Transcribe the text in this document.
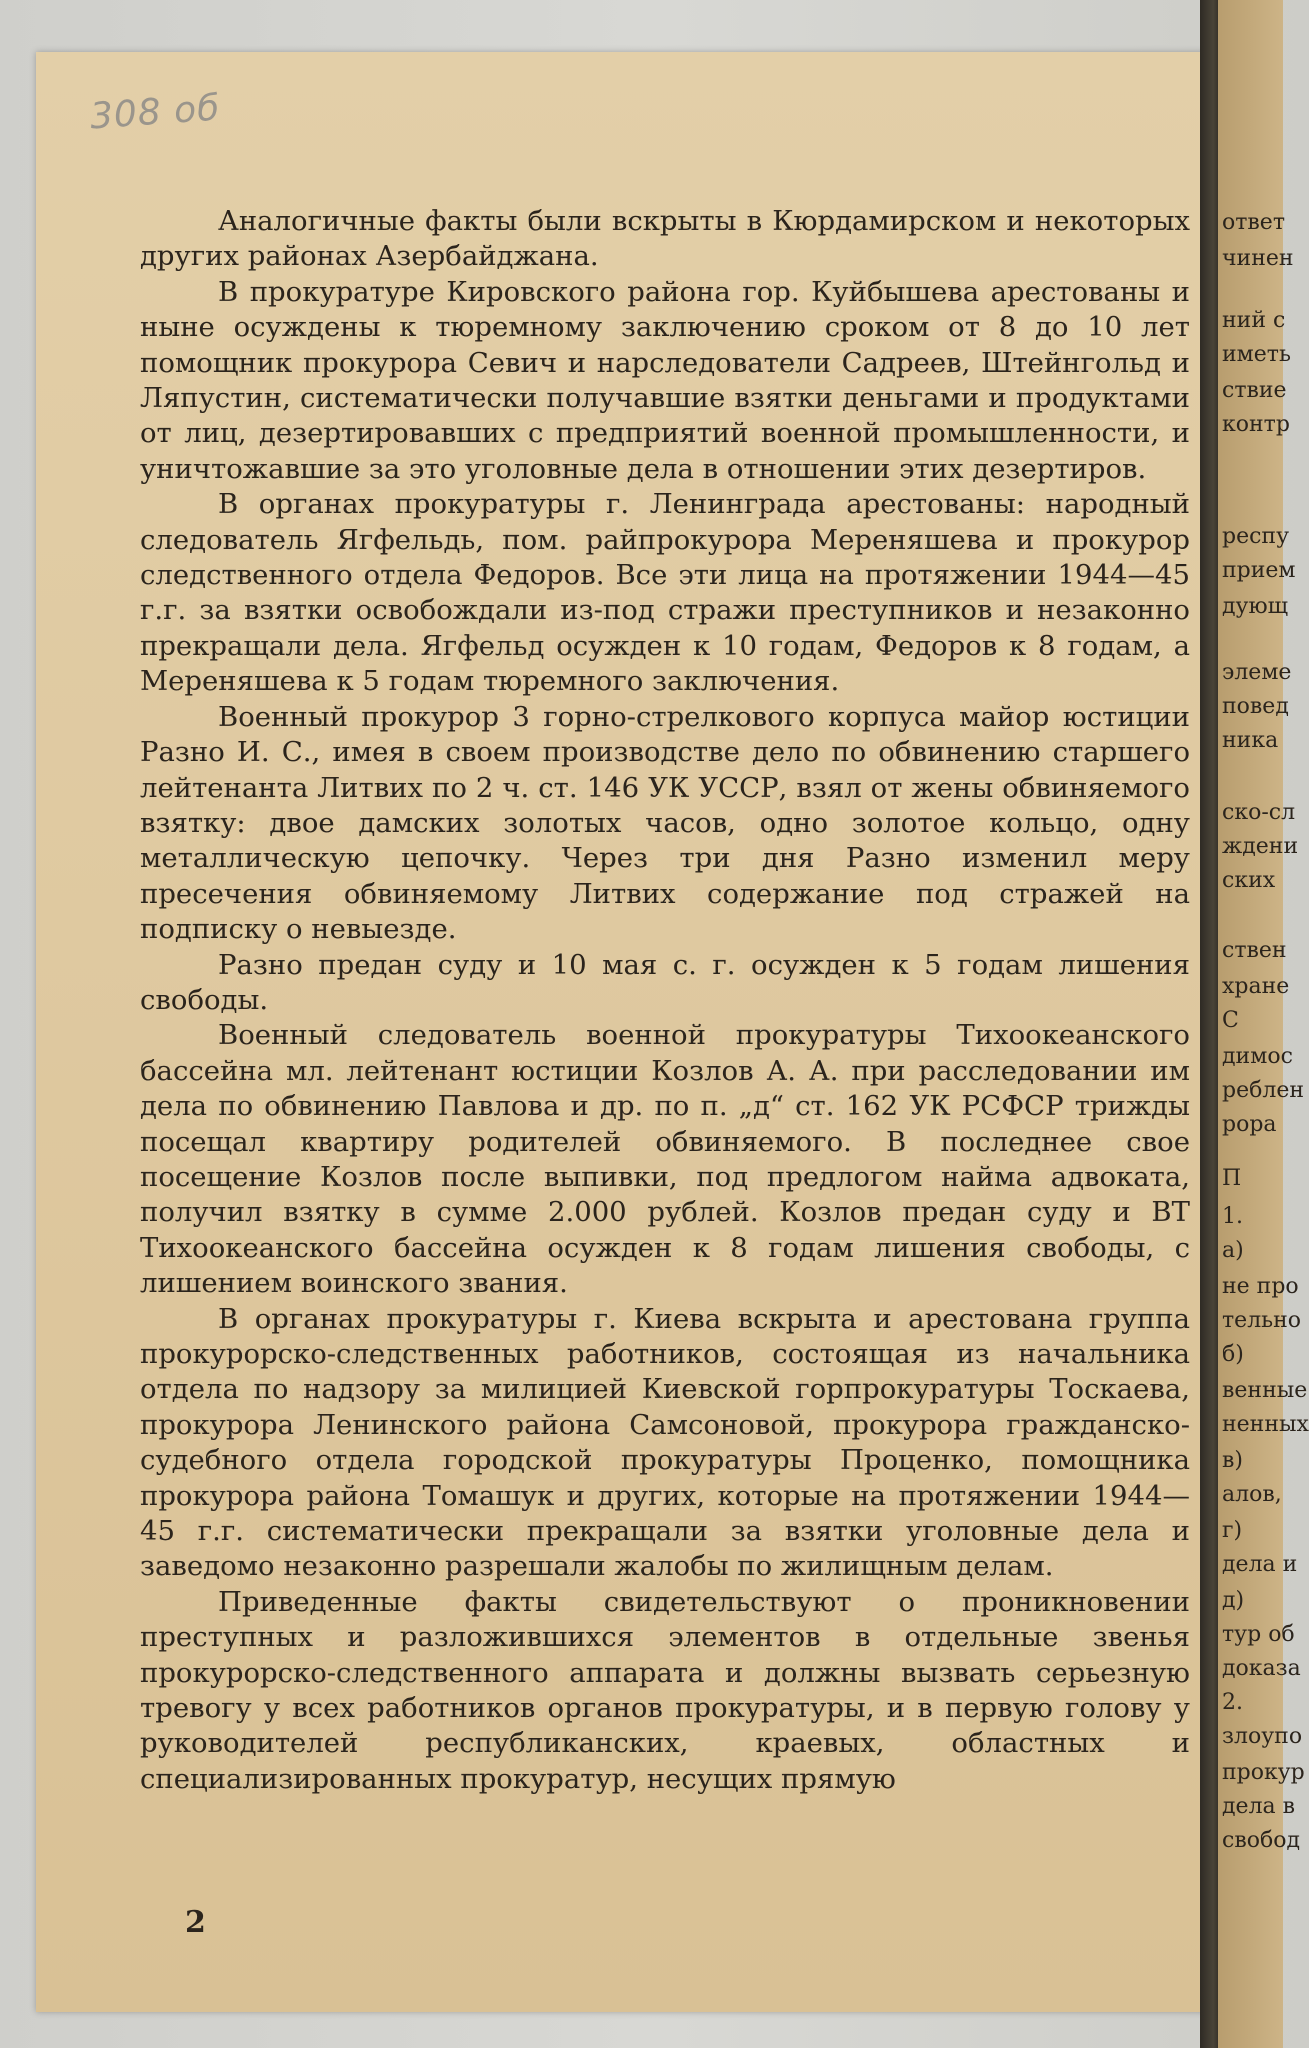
308 об

Аналогичные факты были вскрыты в Кюрдамирском и некоторых других районах Азербайджана.

В прокуратуре Кировского района гор. Куйбышева арестованы и ныне осуждены к тюремному заключению сроком от 8 до 10 лет помощник прокурора Севич и нарследователи Садреев, Штейнгольд и Ляпустин, систематически получавшие взятки деньгами и продуктами от лиц, дезертировавших с предприятий военной промышленности, и уничтожавшие за это уголовные дела в отношении этих дезертиров.

В органах прокуратуры г. Ленинграда арестованы: народный следователь Ягфельдь, пом. райпрокурора Мереняшева и прокурор следственного отдела Федоров. Все эти лица на протяжении 1944—45 г.г. за взятки освобождали из-под стражи преступников и незаконно прекращали дела. Ягфельд осужден к 10 годам, Федоров к 8 годам, а Мереняшева к 5 годам тюремного заключения.

Военный прокурор 3 горно-стрелкового корпуса майор юстиции Разно И. С., имея в своем производстве дело по обвинению старшего лейтенанта Литвих по 2 ч. ст. 146 УК УССР, взял от жены обвиняемого взятку: двое дамских золотых часов, одно золотое кольцо, одну металлическую цепочку. Через три дня Разно изменил меру пресечения обвиняемому Литвих содержание под стражей на подписку о невыезде.

Разно предан суду и 10 мая с. г. осужден к 5 годам лишения свободы.

Военный следователь военной прокуратуры Тихоокеанского бассейна мл. лейтенант юстиции Козлов А. А. при расследовании им дела по обвинению Павлова и др. по п. „д“ ст. 162 УК РСФСР трижды посещал квартиру родителей обвиняемого. В последнее свое посещение Козлов после выпивки, под предлогом найма адвоката, получил взятку в сумме 2.000 рублей. Козлов предан суду и ВТ Тихоокеанского бассейна осужден к 8 годам лишения свободы, с лишением воинского звания.

В органах прокуратуры г. Киева вскрыта и арестована группа прокурорско-следственных работников, состоящая из начальника отдела по надзору за милицией Киевской горпрокуратуры Тоскаева, прокурора Ленинского района Самсоновой, прокурора гражданско-судебного отдела городской прокуратуры Проценко, помощника прокурора района Томашук и других, которые на протяжении 1944—45 г.г. систематически прекращали за взятки уголовные дела и заведомо незаконно разрешали жалобы по жилищным делам.

Приведенные факты свидетельствуют о проникновении преступных и разложившихся элементов в отдельные звенья прокурорско-следственного аппарата и должны вызвать серьезную тревогу у всех работников органов прокуратуры, и в первую голову у руководителей республиканских, краевых, областных и специализированных прокуратур, несущих прямую

2

ответ
чинен
ний с
иметь
ствие
контр
респу
прием
дующ
элеме
повед
ника
ско-сл
ждени
ских
ствен
хране
С
димос
реблен
рора
П
1.
а)
не про
тельно
б)
венные
ненных
в)
алов,
г)
дела и
д)
тур об
доказа
2.
злоупо
прокур
дела в
свобод
